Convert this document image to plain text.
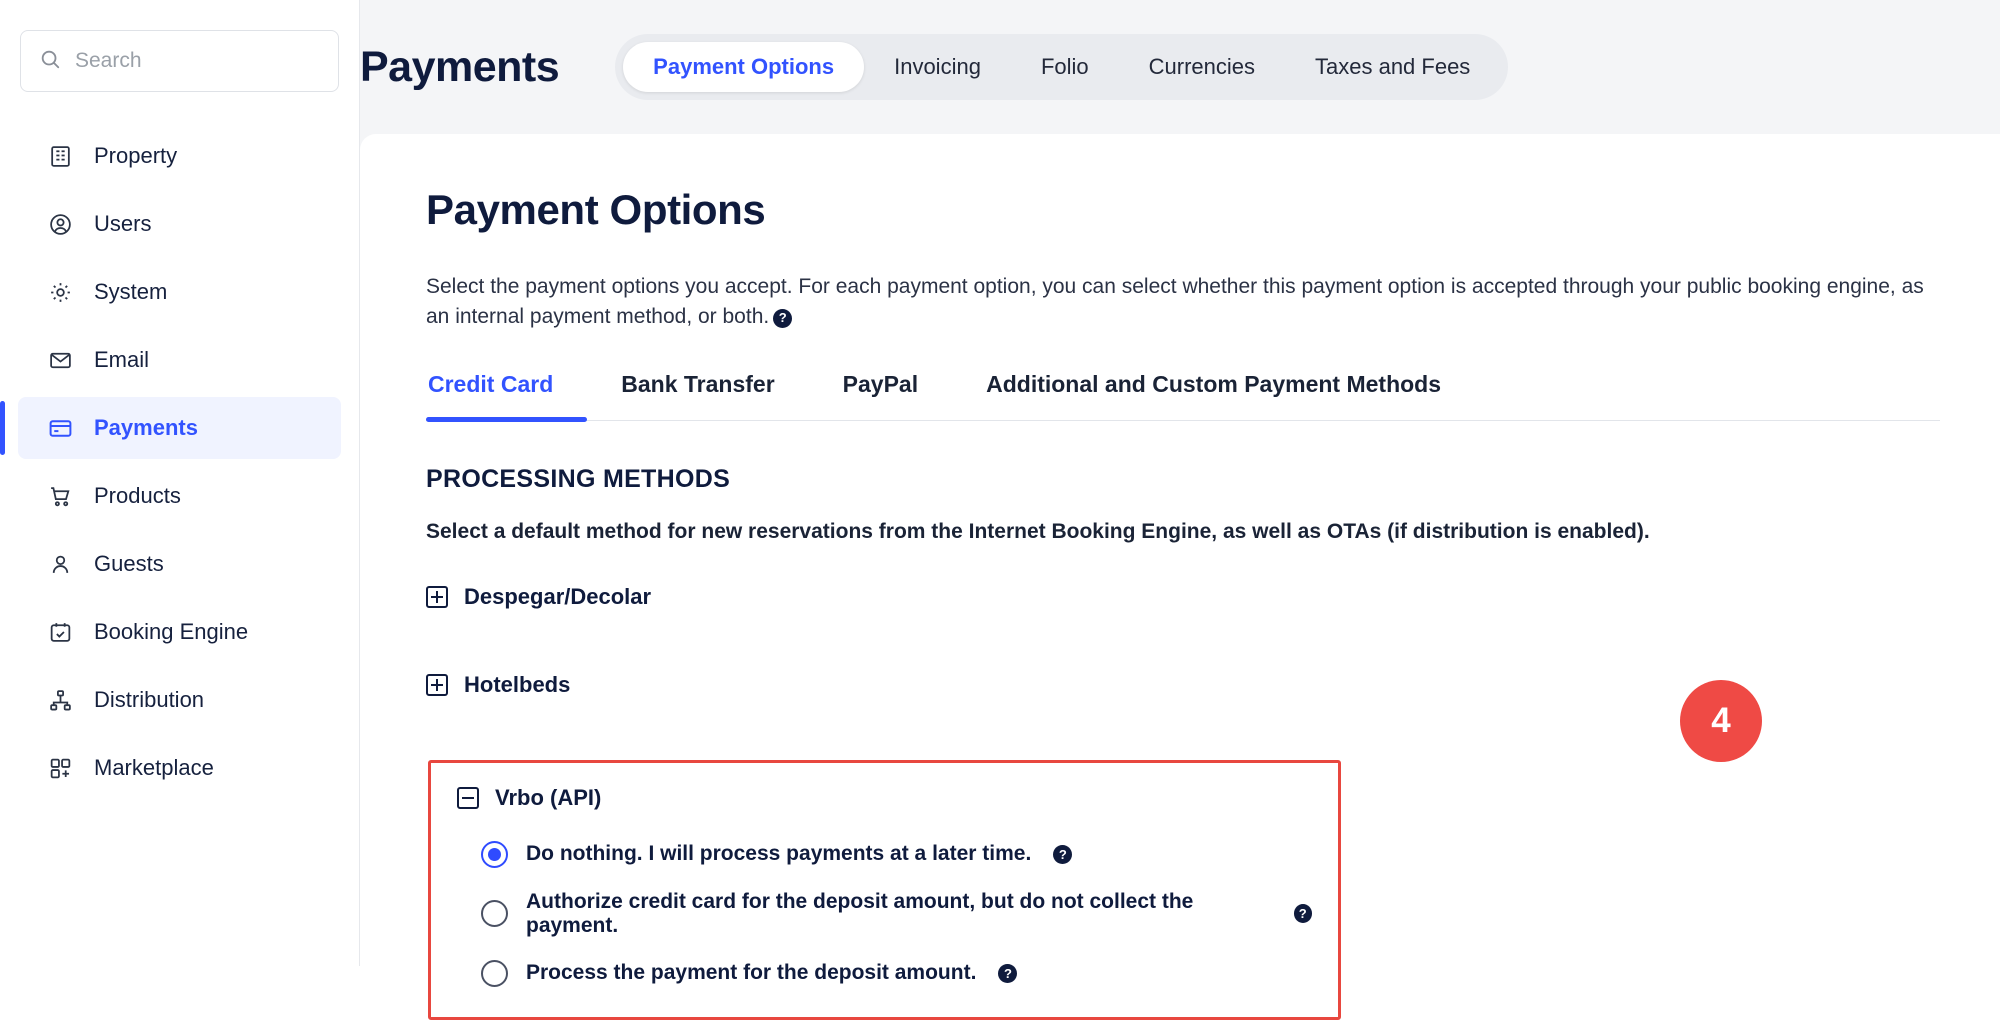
Search
Property
Users
System
Email
Payments
Products
Guests
Booking Engine
Distribution
Marketplace
Payments	Payment Options	Invoicing	Folio	Currencies	Taxes and Fees
Payment Options

Select the payment options you accept. For each payment option, you can select whether this payment option is accepted through your public booking engine, as an internal payment method, or both. ?

Credit Card	Bank Transfer	PayPal	Additional and Custom Payment Methods
PROCESSING METHODS
Select a default method for new reservations from the Internet Booking Engine, as well as OTAs (if distribution is enabled).
Despegar/Decolar
Hotelbeds
Vrbo (API)
Do nothing. I will process payments at a later time.	?
Authorize credit card for the deposit amount, but do not collect the payment.	?
Process the payment for the deposit amount.	?
4
